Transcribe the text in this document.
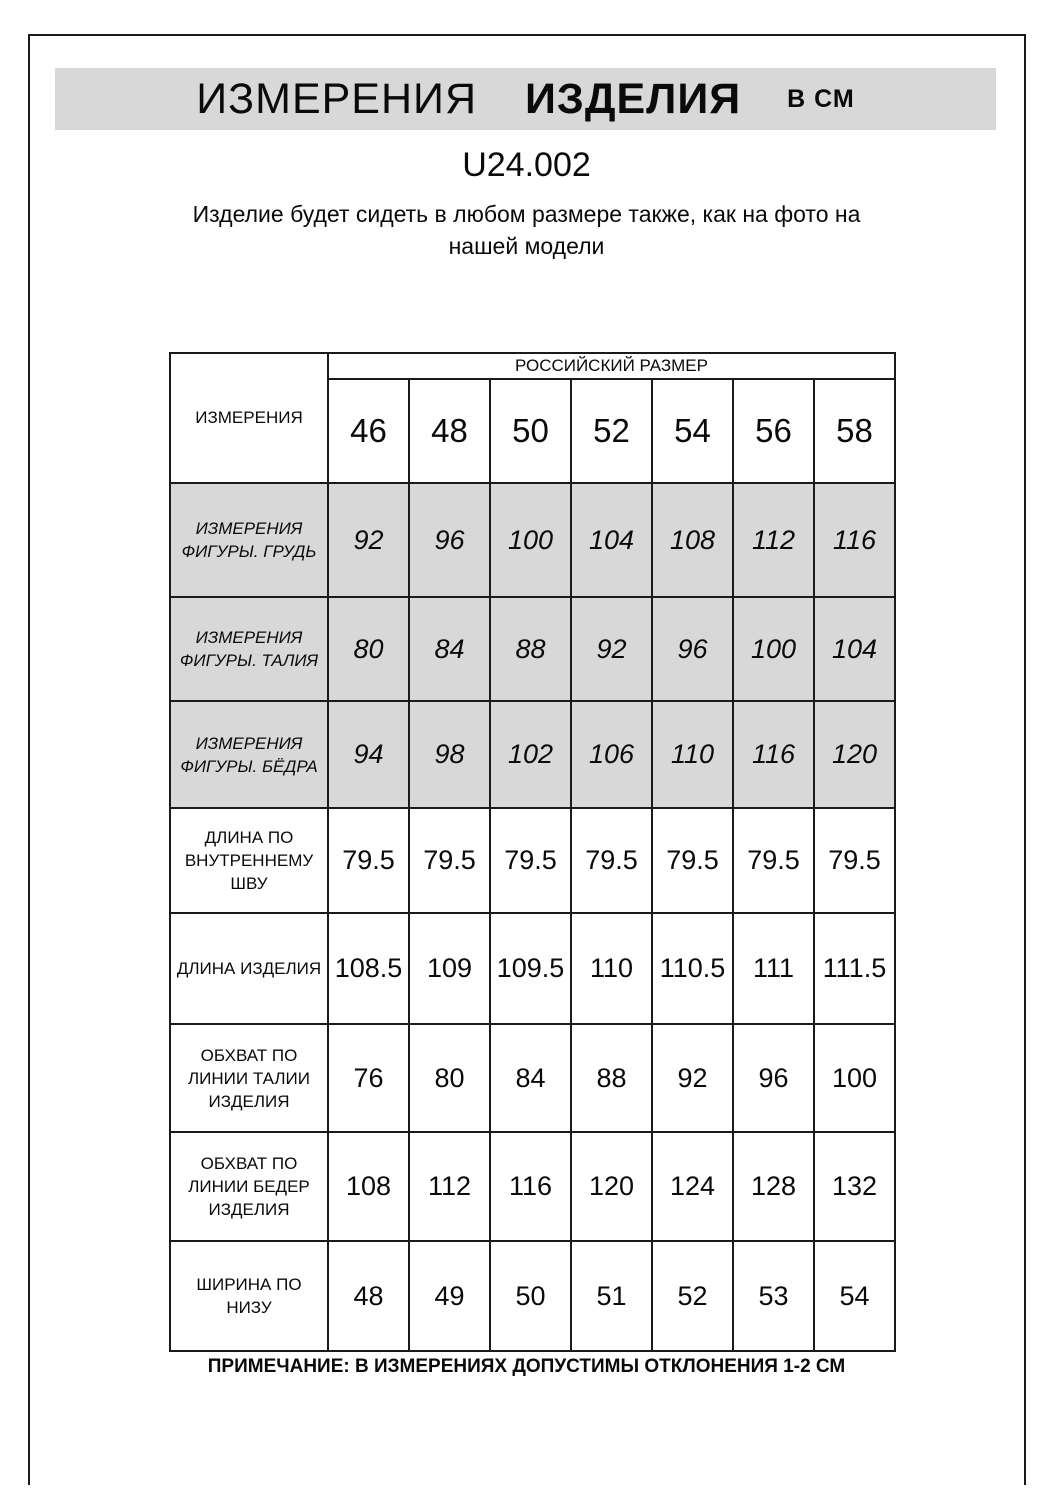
ИЗМЕРЕНИЯ ИЗДЕЛИЯ В СМ
U24.002
Изделие будет сидеть в любом размере также, как на фото на
нашей модели
ИЗМЕРЕНИЯ	РОССИЙСКИЙ РАЗМЕР						
	46	48	50	52	54	56	58
ИЗМЕРЕНИЯ ФИГУРЫ. ГРУДЬ	92	96	100	104	108	112	116
ИЗМЕРЕНИЯ ФИГУРЫ. ТАЛИЯ	80	84	88	92	96	100	104
ИЗМЕРЕНИЯ ФИГУРЫ. БЁДРА	94	98	102	106	110	116	120
ДЛИНА ПО ВНУТРЕННЕМУ ШВУ	79.5	79.5	79.5	79.5	79.5	79.5	79.5
ДЛИНА ИЗДЕЛИЯ	108.5	109	109.5	110	110.5	111	111.5
ОБХВАТ ПО ЛИНИИ ТАЛИИ ИЗДЕЛИЯ	76	80	84	88	92	96	100
ОБХВАТ ПО ЛИНИИ БЕДЕР ИЗДЕЛИЯ	108	112	116	120	124	128	132
ШИРИНА ПО НИЗУ	48	49	50	51	52	53	54
ПРИМЕЧАНИЕ: В ИЗМЕРЕНИЯХ ДОПУСТИМЫ ОТКЛОНЕНИЯ 1-2 СМ
